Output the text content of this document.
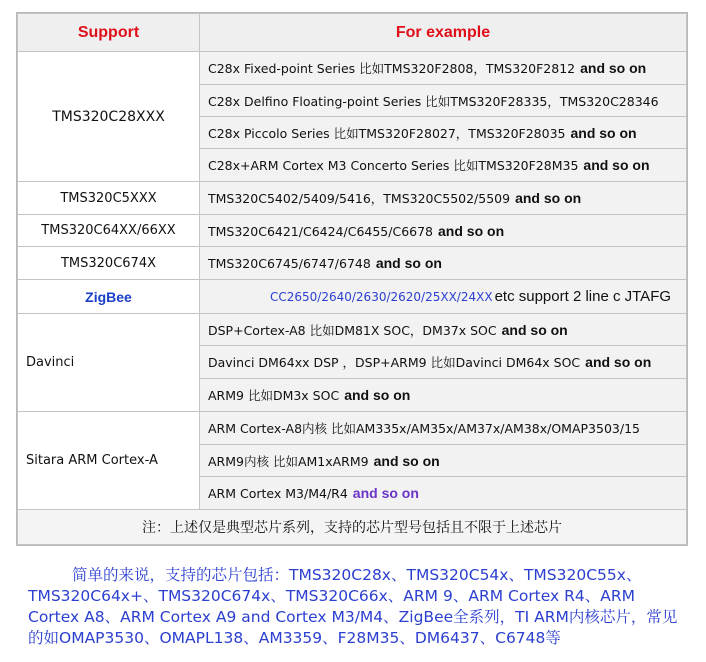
Support	For example
TMS320C28XXX	C28x Fixed-point Series 比如TMS320F2808，TMS320F2812 and so on
	C28x Delfino Floating-point Series 比如TMS320F28335，TMS320C28346
	C28x Piccolo Series 比如TMS320F28027，TMS320F28035 and so on
	C28x+ARM Cortex M3 Concerto Series 比如TMS320F28M35 and so on
TMS320C5XXX	TMS320C5402/5409/5416，TMS320C5502/5509 and so on
TMS320C64XX/66XX	TMS320C6421/C6424/C6455/C6678 and so on
TMS320C674X	TMS320C6745/6747/6748 and so on
ZigBee	CC2650/2640/2630/2620/25XX/24XX etc support 2 line c JTAFG
Davinci	DSP+Cortex-A8 比如DM81X SOC，DM37x SOC and so on
	Davinci DM64xx DSP ，DSP+ARM9 比如Davinci DM64x SOC and so on
	ARM9 比如DM3x SOC and so on
Sitara ARM Cortex-A	ARM Cortex-A8内核 比如AM335x/AM35x/AM37x/AM38x/OMAP3503/15
	ARM9内核 比如AM1xARM9 and so on
	ARM Cortex M3/M4/R4 and so on
注：上述仅是典型芯片系列，支持的芯片型号包括且不限于上述芯片	
简单的来说，支持的芯片包括：TMS320C28x、TMS320C54x、TMS320C55x、TMS320C64x+、TMS320C674x、TMS320C66x、ARM 9、ARM Cortex R4、ARM Cortex A8、ARM Cortex A9 and Cortex M3/M4、ZigBee全系列，TI ARM内核芯片，常见的如OMAP3530、OMAPL138、AM3359、F28M35、DM6437、C6748等
